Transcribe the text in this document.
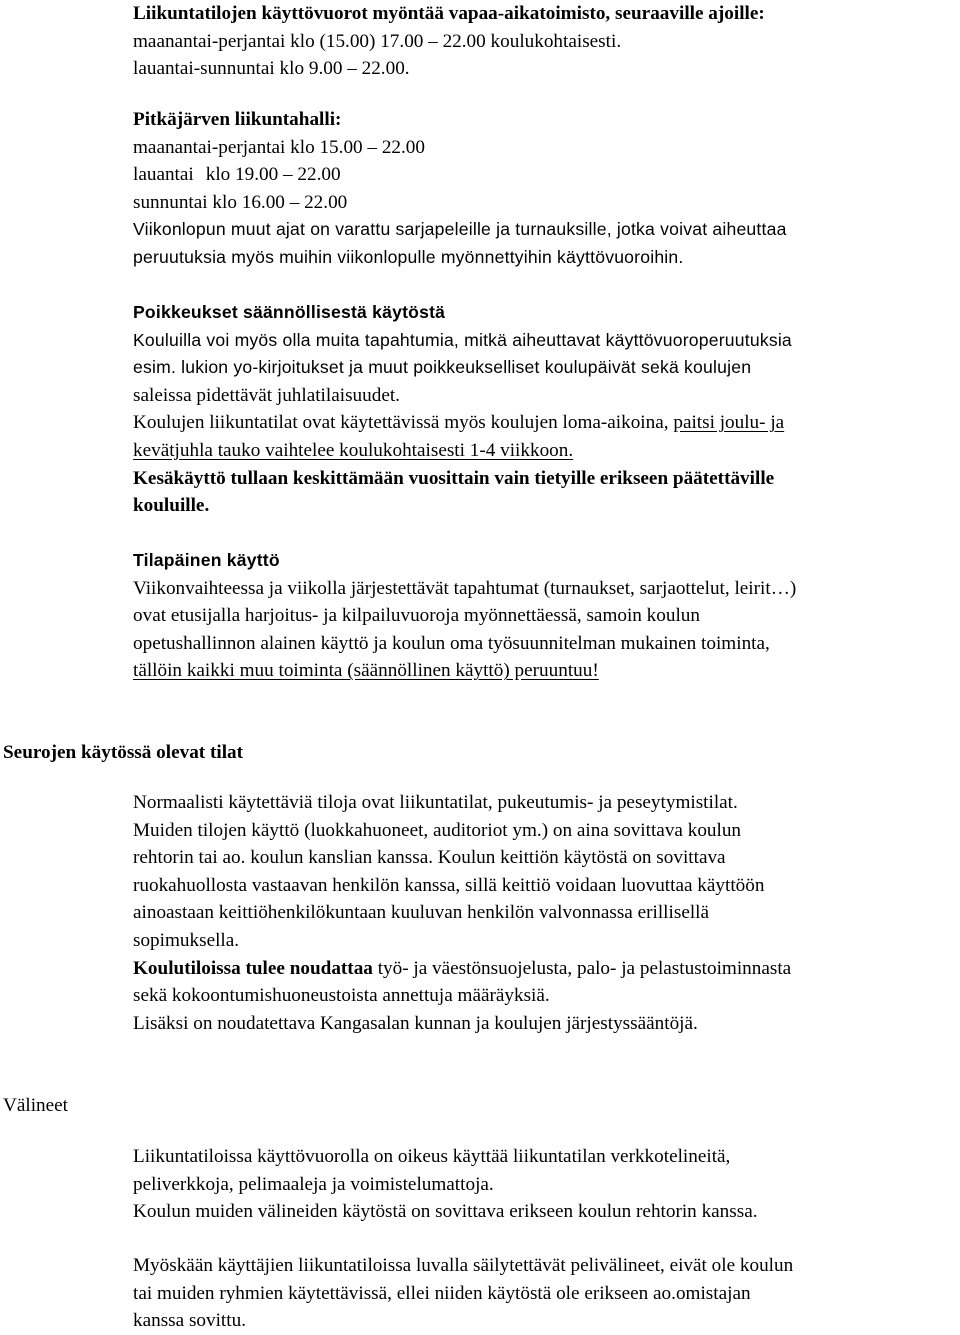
Liikuntatilojen käyttövuorot myöntää vapaa-aikatoimisto, seuraaville ajoille:
maanantai-perjantai klo (15.00) 17.00 – 22.00 koulukohtaisesti.
lauantai-sunnuntai klo 9.00 – 22.00.
Pitkäjärven liikuntahalli:
maanantai-perjantai klo 15.00 – 22.00
lauantai klo 19.00 – 22.00
sunnuntai klo 16.00 – 22.00
Viikonlopun muut ajat on varattu sarjapeleille ja turnauksille, jotka voivat aiheuttaa
peruutuksia myös muihin viikonlopulle myönnettyihin käyttövuoroihin.
Poikkeukset säännöllisestä käytöstä
Kouluilla voi myös olla muita tapahtumia, mitkä aiheuttavat käyttövuoroperuutuksia
esim. lukion yo-kirjoitukset ja muut poikkeukselliset koulupäivät sekä koulujen
saleissa pidettävät juhlatilaisuudet.
Koulujen liikuntatilat ovat käytettävissä myös koulujen loma-aikoina, paitsi joulu- ja
kevätjuhla tauko vaihtelee koulukohtaisesti 1-4 viikkoon.
Kesäkäyttö tullaan keskittämään vuosittain vain tietyille erikseen päätettäville
kouluille.
Tilapäinen käyttö
Viikonvaihteessa ja viikolla järjestettävät tapahtumat (turnaukset, sarjaottelut, leirit…)
ovat etusijalla harjoitus- ja kilpailuvuoroja myönnettäessä, samoin koulun
opetushallinnon alainen käyttö ja koulun oma työsuunnitelman mukainen toiminta,
tällöin kaikki muu toiminta (säännöllinen käyttö) peruuntuu!
Seurojen käytössä olevat tilat
Normaalisti käytettäviä tiloja ovat liikuntatilat, pukeutumis- ja peseytymistilat.
Muiden tilojen käyttö (luokkahuoneet, auditoriot ym.) on aina sovittava koulun
rehtorin tai ao. koulun kanslian kanssa. Koulun keittiön käytöstä on sovittava
ruokahuollosta vastaavan henkilön kanssa, sillä keittiö voidaan luovuttaa käyttöön
ainoastaan keittiöhenkilökuntaan kuuluvan henkilön valvonnassa erillisellä
sopimuksella.
Koulutiloissa tulee noudattaa työ- ja väestönsuojelusta, palo- ja pelastustoiminnasta
sekä kokoontumishuoneustoista annettuja määräyksiä.
Lisäksi on noudatettava Kangasalan kunnan ja koulujen järjestyssääntöjä.
Välineet
Liikuntatiloissa käyttövuorolla on oikeus käyttää liikuntatilan verkkotelineitä,
peliverkkoja, pelimaaleja ja voimistelumattoja.
Koulun muiden välineiden käytöstä on sovittava erikseen koulun rehtorin kanssa.
Myöskään käyttäjien liikuntatiloissa luvalla säilytettävät pelivälineet, eivät ole koulun
tai muiden ryhmien käytettävissä, ellei niiden käytöstä ole erikseen ao.omistajan
kanssa sovittu.
